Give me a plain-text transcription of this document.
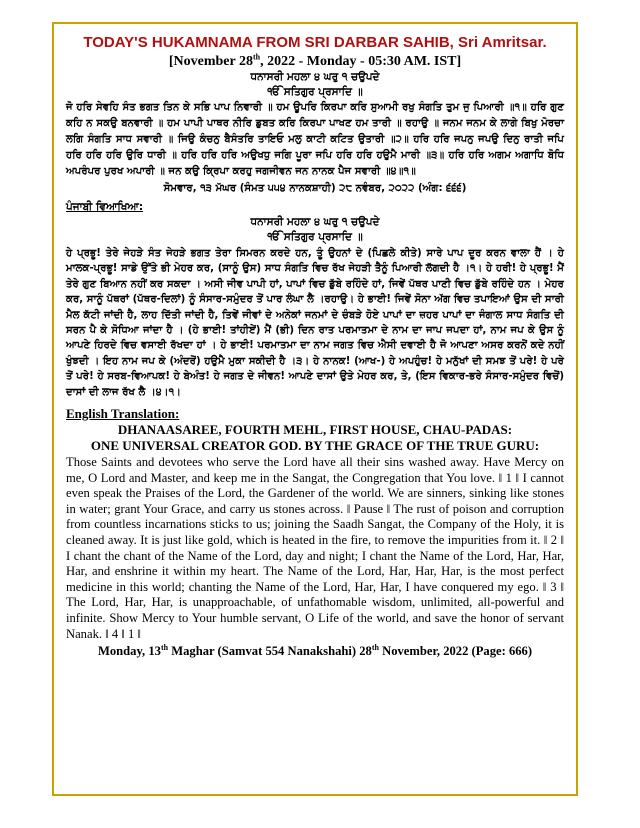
TODAY'S HUKAMNAMA FROM SRI DARBAR SAHIB, Sri Amritsar.
[November 28th, 2022 - Monday - 05:30 AM. IST]
ਧਨਾਸਰੀ ਮਹਲਾ ੪ ਘਰੁ ੧ ਚਉਪਦੇ
ੴ ਸਤਿਗੁਰ ਪ੍ਰਸਾਦਿ ॥
ਜੋ ਹਰਿ ਸੇਵਹਿ ਸੰਤ ਭਗਤ ਤਿਨ ਕੇ ਸਭਿ ਪਾਪ ਨਿਵਾਰੀ ॥ ਹਮ ਊਪਰਿ ਕਿਰਪਾ ਕਰਿ ਸੁਆਮੀ ਰਖੁ ਸੰਗਤਿ ਤੁਮ ਜੁ ਪਿਆਰੀ ॥੧॥ ਹਰਿ ਗੁਣ ਕਹਿ ਨ ਸਕਉ ਬਨਵਾਰੀ ॥ ਹਮ ਪਾਪੀ ਪਾਥਰ ਨੀਰਿ ਡੁਬਤ ਕਰਿ ਕਿਰਪਾ ਪਾਖਣ ਹਮ ਤਾਰੀ ॥ ਰਹਾਉ ॥ ਜਨਮ ਜਨਮ ਕੇ ਲਾਗੇ ਬਿਖੁ ਮੋਰਚਾ ਲਗਿ ਸੰਗਤਿ ਸਾਧ ਸਵਾਰੀ ॥ ਜਿਉ ਕੰਚਨੁ ਬੈਸੰਤਰਿ ਤਾਇਓ ਮਲੁ ਕਾਟੀ ਕਟਿਤ ਉਤਾਰੀ ॥੨॥ ਹਰਿ ਹਰਿ ਜਪਨੁ ਜਪਉ ਦਿਨੁ ਰਾਤੀ ਜਪਿ ਹਰਿ ਹਰਿ ਹਰਿ ਉਰਿ ਧਾਰੀ ॥ ਹਰਿ ਹਰਿ ਹਰਿ ਅਉਖਧੁ ਜਗਿ ਪੂਰਾ ਜਪਿ ਹਰਿ ਹਰਿ ਹਉਮੈ ਮਾਰੀ ॥੩॥ ਹਰਿ ਹਰਿ ਅਗਮ ਅਗਾਧਿ ਬੋਧਿ ਅਪਰੰਪਰ ਪੁਰਖ ਅਪਾਰੀ ॥ ਜਨ ਕਉ ਕ੍ਰਿਪਾ ਕਰਹੁ ਜਗਜੀਵਨ ਜਨ ਨਾਨਕ ਪੈਜ ਸਵਾਰੀ ॥੪॥੧॥
ਸੋਮਵਾਰ, ੧੩ ਮੱਘਰ (ਸੰਮਤ ੫੫੪ ਨਾਨਕਸ਼ਾਹੀ) ੨੮ ਨਵੰਬਰ, ੨੦੨੨ (ਅੰਗ: ੬੬੬)
ਪੰਜਾਬੀ ਵਿਆਖਿਆ:
ਧਨਾਸਰੀ ਮਹਲਾ ੪ ਘਰੁ ੧ ਚਉਪਦੇ
ੴ ਸਤਿਗੁਰ ਪ੍ਰਸਾਦਿ ॥
ਹੇ ਪ੍ਰਭੂ! ਤੇਰੇ ਜੇਹੜੇ ਸੰਤ ਜੇਹੜੇ ਭਗਤ ਤੇਰਾ ਸਿਮਰਨ ਕਰਦੇ ਹਨ, ਤੂੰ ਉਹਨਾਂ ਦੇ (ਪਿਛਲੇ ਕੀਤੇ) ਸਾਰੇ ਪਾਪ ਦੂਰ ਕਰਨ ਵਾਲਾ ਹੈਂ । ਹੇ ਮਾਲਕ-ਪ੍ਰਭੂ! ਸਾਡੇ ਉੱਤੇ ਭੀ ਮੇਹਰ ਕਰ, (ਸਾਨੂੰ ਉਸ) ਸਾਧ ਸੰਗਤਿ ਵਿਚ ਰੱਖ ਜੇਹੜੀ ਤੈਨੂੰ ਪਿਆਰੀ ਲੱਗਦੀ ਹੈ ।੧। ਹੇ ਹਰੀ! ਹੇ ਪ੍ਰਭੂ! ਮੈਂ ਤੇਰੇ ਗੁਣ ਬਿਆਨ ਨਹੀਂ ਕਰ ਸਕਦਾ । ਅਸੀ ਜੀਵ ਪਾਪੀ ਹਾਂ, ਪਾਪਾਂ ਵਿਚ ਡੁੱਬੇ ਰਹਿੰਦੇ ਹਾਂ, ਜਿਵੇਂ ਪੱਥਰ ਪਾਣੀ ਵਿਚ ਡੁੱਬੇ ਰਹਿੰਦੇ ਹਨ । ਮੇਹਰ ਕਰ, ਸਾਨੂੰ ਪੱਥਰਾਂ (ਪੱਥਰ-ਦਿਲਾਂ) ਨੂੰ ਸੰਸਾਰ-ਸਮੁੰਦਰ ਤੋਂ ਪਾਰ ਲੰਘਾ ਲੈ ।ਰਹਾਉ। ਹੇ ਭਾਈ! ਜਿਵੇਂ ਸੋਨਾ ਅੱਗ ਵਿਚ ਤਪਾਇਆਂ ਉਸ ਦੀ ਸਾਰੀ ਮੈਲ ਕੱਟੀ ਜਾਂਦੀ ਹੈ, ਲਾਹ ਦਿੱਤੀ ਜਾਂਦੀ ਹੈ, ਤਿਵੇਂ ਜੀਵਾਂ ਦੇ ਅਨੇਕਾਂ ਜਨਮਾਂ ਦੇ ਚੰਬੜੇ ਹੋਏ ਪਾਪਾਂ ਦਾ ਜ਼ਹਰ ਪਾਪਾਂ ਦਾ ਜੰਗਾਲ ਸਾਧ ਸੰਗਤਿ ਦੀ ਸਰਨ ਪੈ ਕੇ ਸੋਧਿਆ ਜਾਂਦਾ ਹੈ । (ਹੇ ਭਾਈ! ਤਾਂਹੀਏਂ) ਮੈਂ (ਭੀ) ਦਿਨ ਰਾਤ ਪਰਮਾਤਮਾ ਦੇ ਨਾਮ ਦਾ ਜਾਪ ਜਪਦਾ ਹਾਂ, ਨਾਮ ਜਪ ਕੇ ਉਸ ਨੂੰ ਆਪਣੇ ਹਿਰਦੇ ਵਿਚ ਵਸਾਈ ਰੱਖਦਾ ਹਾਂ । ਹੇ ਭਾਈ! ਪਰਮਾਤਮਾ ਦਾ ਨਾਮ ਜਗਤ ਵਿਚ ਐਸੀ ਦਵਾਈ ਹੈ ਜੋ ਆਪਣਾ ਅਸਰ ਕਰਨੋਂ ਕਦੇ ਨਹੀਂ ਖੁੰਝਦੀ । ਇਹ ਨਾਮ ਜਪ ਕੇ (ਅੰਦਰੋਂ) ਹਉਮੈ ਮੁਕਾ ਸਕੀਦੀ ਹੈ ।੩। ਹੇ ਨਾਨਕ! (ਆਖ-) ਹੇ ਅਪਹੁੰਚ! ਹੇ ਮਨੁੱਖਾਂ ਦੀ ਸਮਝ ਤੋਂ ਪਰੇ! ਹੇ ਪਰੇ ਤੋਂ ਪਰੇ! ਹੇ ਸਰਬ-ਵਿਆਪਕ! ਹੇ ਬੇਅੰਤ! ਹੇ ਜਗਤ ਦੇ ਜੀਵਨ! ਆਪਣੇ ਦਾਸਾਂ ਉਤੇ ਮੇਹਰ ਕਰ, ਤੇ, (ਇਸ ਵਿਕਾਰ-ਭਰੇ ਸੰਸਾਰ-ਸਮੁੰਦਰ ਵਿਚੋਂ) ਦਾਸਾਂ ਦੀ ਲਾਜ ਰੱਖ ਲੈ ।੪।੧।
English Translation:
DHANAASAREE, FOURTH MEHL, FIRST HOUSE, CHAU-PADAS:
ONE UNIVERSAL CREATOR GOD. BY THE GRACE OF THE TRUE GURU:
Those Saints and devotees who serve the Lord have all their sins washed away. Have Mercy on me, O Lord and Master, and keep me in the Sangat, the Congregation that You love. ‖ 1 ‖ I cannot even speak the Praises of the Lord, the Gardener of the world. We are sinners, sinking like stones in water; grant Your Grace, and carry us stones across. ‖ Pause ‖ The rust of poison and corruption from countless incarnations sticks to us; joining the Saadh Sangat, the Company of the Holy, it is cleaned away. It is just like gold, which is heated in the fire, to remove the impurities from it. ‖ 2 ‖ I chant the chant of the Name of the Lord, day and night; I chant the Name of the Lord, Har, Har, Har, and enshrine it within my heart. The Name of the Lord, Har, Har, Har, is the most perfect medicine in this world; chanting the Name of the Lord, Har, Har, I have conquered my ego. ‖ 3 ‖ The Lord, Har, Har, is unapproachable, of unfathomable wisdom, unlimited, all-powerful and infinite. Show Mercy to Your humble servant, O Life of the world, and save the honor of servant Nanak. ‖ 4 ‖ 1 ‖
Monday, 13th Maghar (Samvat 554 Nanakshahi) 28th November, 2022 (Page: 666)
